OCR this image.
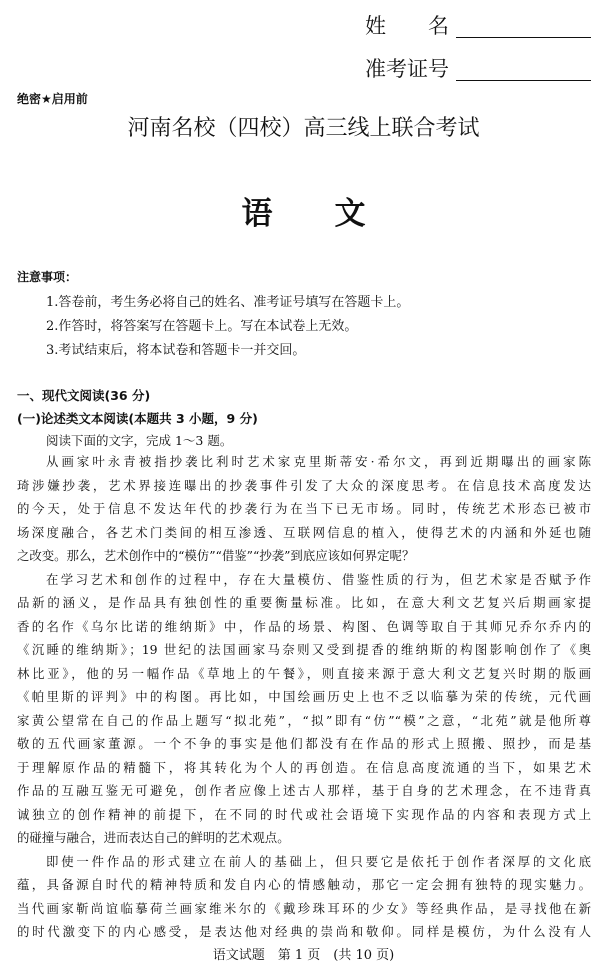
姓　　名
准考证号
绝密★启用前
河南名校（四校）高三线上联合考试
语　　文
注意事项：
1.答卷前，考生务必将自己的姓名、准考证号填写在答题卡上。
2.作答时，将答案写在答题卡上。写在本试卷上无效。
3.考试结束后，将本试卷和答题卡一并交回。
一、现代文阅读(36 分)
(一)论述类文本阅读(本题共 3 小题，9 分)
阅读下面的文字，完成 1～3 题。
从画家叶永青被指抄袭比利时艺术家克里斯蒂安·希尔文，再到近期曝出的画家陈
琦涉嫌抄袭，艺术界接连曝出的抄袭事件引发了大众的深度思考。在信息技术高度发达
的今天，处于信息不发达年代的抄袭行为在当下已无市场。同时，传统艺术形态已被市
场深度融合，各艺术门类间的相互渗透、互联网信息的植入，使得艺术的内涵和外延也随
之改变。那么，艺术创作中的“模仿”“借鉴”“抄袭”到底应该如何界定呢？
在学习艺术和创作的过程中，存在大量模仿、借鉴性质的行为，但艺术家是否赋予作
品新的涵义，是作品具有独创性的重要衡量标准。比如，在意大利文艺复兴后期画家提
香的名作《乌尔比诺的维纳斯》中，作品的场景、构图、色调等取自于其师兄乔尔乔内的
《沉睡的维纳斯》；19 世纪的法国画家马奈则又受到提香的维纳斯的构图影响创作了《奥
林比亚》，他的另一幅作品《草地上的午餐》，则直接来源于意大利文艺复兴时期的版画
《帕里斯的评判》中的构图。再比如，中国绘画历史上也不乏以临摹为荣的传统，元代画
家黄公望常在自己的作品上题写“拟北苑”，“拟”即有“仿”“模”之意，“北苑”就是他所尊
敬的五代画家董源。一个不争的事实是他们都没有在作品的形式上照搬、照抄，而是基
于理解原作品的精髓下，将其转化为个人的再创造。在信息高度流通的当下，如果艺术
作品的互融互鉴无可避免，创作者应像上述古人那样，基于自身的艺术理念，在不违背真
诚独立的创作精神的前提下，在不同的时代或社会语境下实现作品的内容和表现方式上
的碰撞与融合，进而表达自己的鲜明的艺术观点。
即使一件作品的形式建立在前人的基础上，但只要它是依托于创作者深厚的文化底
蕴，具备源自时代的精神特质和发自内心的情感触动，那它一定会拥有独特的现实魅力。
当代画家靳尚谊临摹荷兰画家维米尔的《戴珍珠耳环的少女》等经典作品，是寻找他在新
的时代激变下的内心感受，是表达他对经典的崇尚和敬仰。同样是模仿，为什么没有人
语文试题　第 1 页　(共 10 页)
